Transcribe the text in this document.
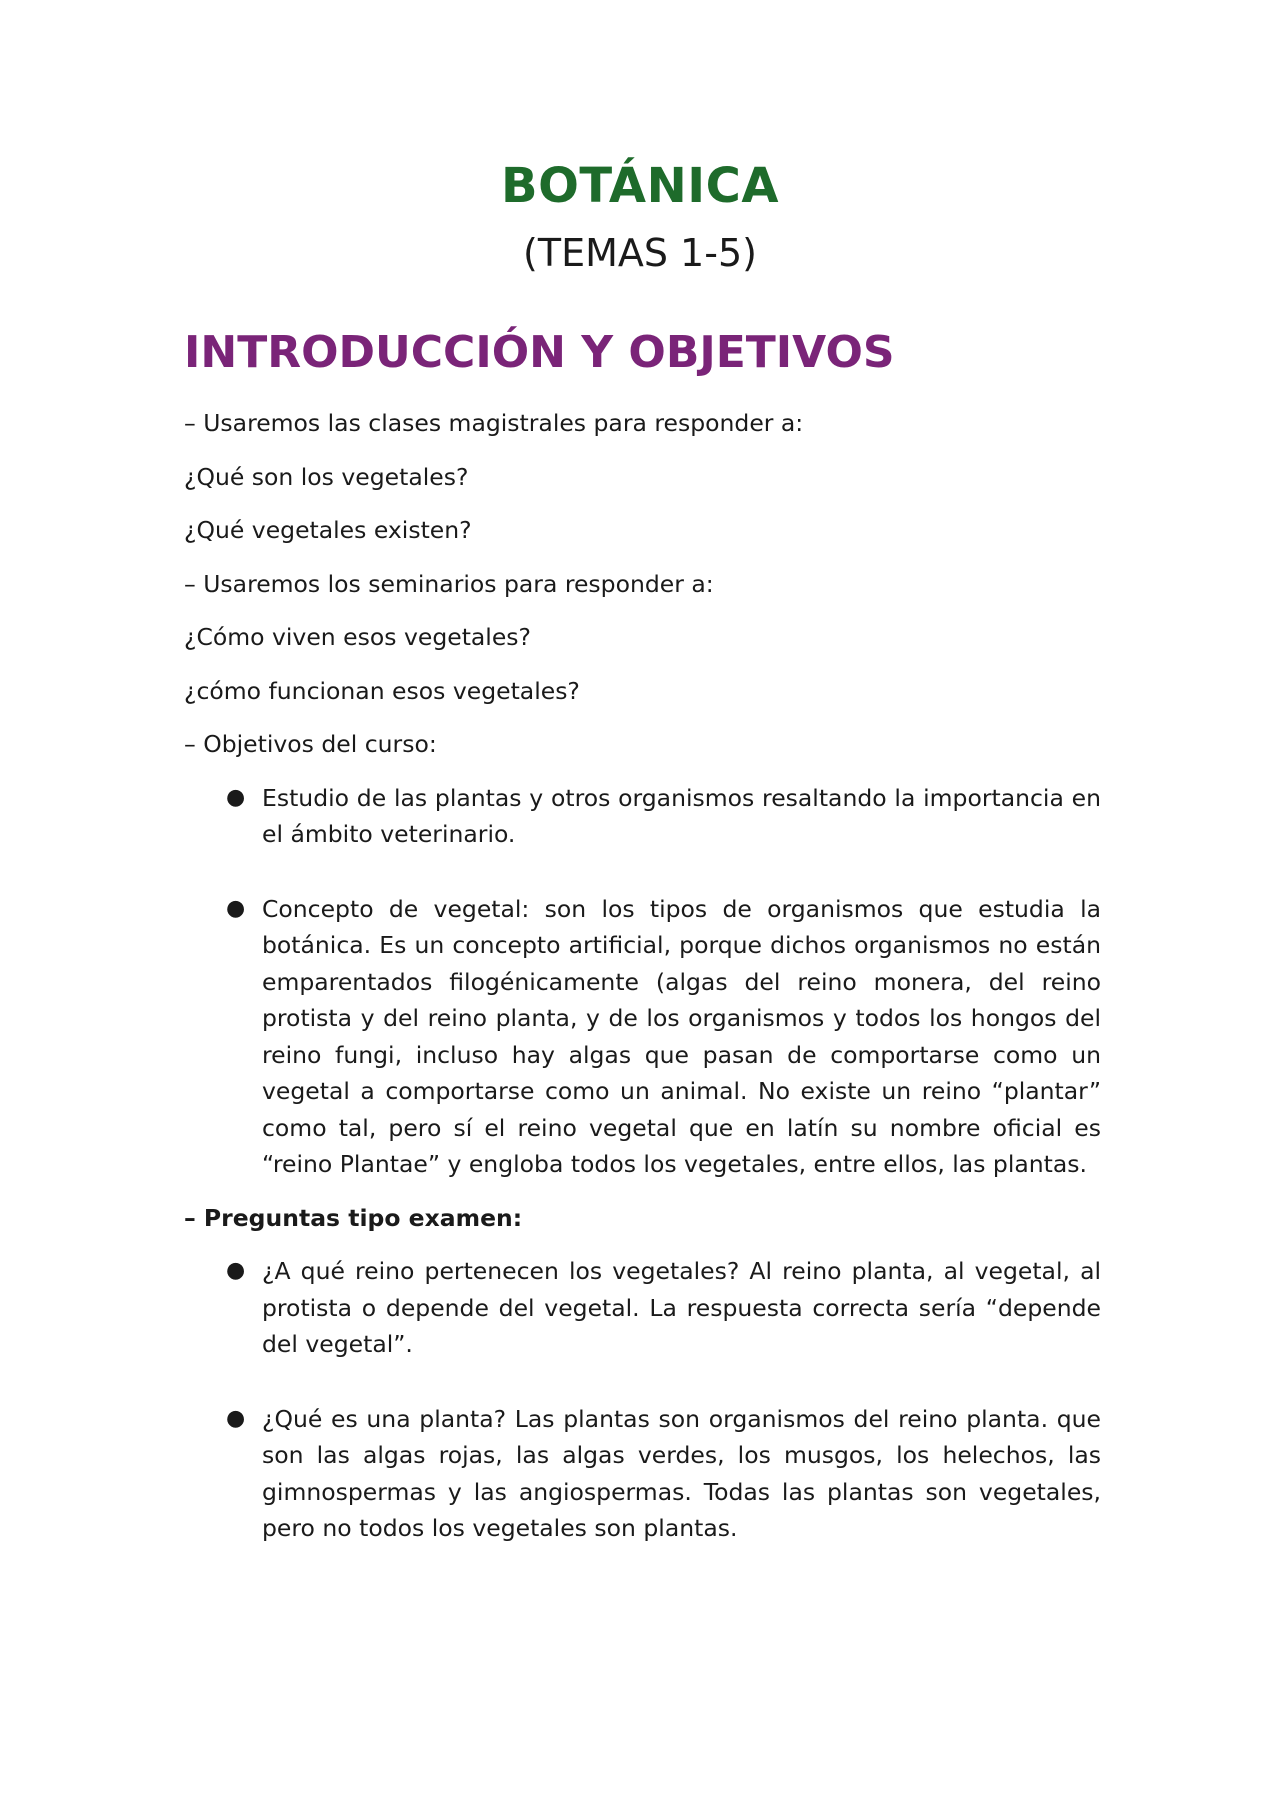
BOTÁNICA
(TEMAS 1-5)
INTRODUCCIÓN Y OBJETIVOS

– Usaremos las clases magistrales para responder a:

¿Qué son los vegetales?

¿Qué vegetales existen?

– Usaremos los seminarios para responder a:

¿Cómo viven esos vegetales?

¿cómo funcionan esos vegetales?

– Objetivos del curso:

● Estudio de las plantas y otros organismos resaltando la importancia en el ámbito veterinario.
● Concepto de vegetal: son los tipos de organismos que estudia la botánica. Es un concepto artificial, porque dichos organismos no están emparentados filogénicamente (algas del reino monera, del reino protista y del reino planta, y de los organismos y todos los hongos del reino fungi, incluso hay algas que pasan de comportarse como un vegetal a comportarse como un animal. No existe un reino “plantar” como tal, pero sí el reino vegetal que en latín su nombre oficial es “reino Plantae” y engloba todos los vegetales, entre ellos, las plantas.

– Preguntas tipo examen:

● ¿A qué reino pertenecen los vegetales? Al reino planta, al vegetal, al protista o depende del vegetal. La respuesta correcta sería “depende del vegetal”.
● ¿Qué es una planta? Las plantas son organismos del reino planta. que son las algas rojas, las algas verdes, los musgos, los helechos, las gimnospermas y las angiospermas. Todas las plantas son vegetales, pero no todos los vegetales son plantas.
